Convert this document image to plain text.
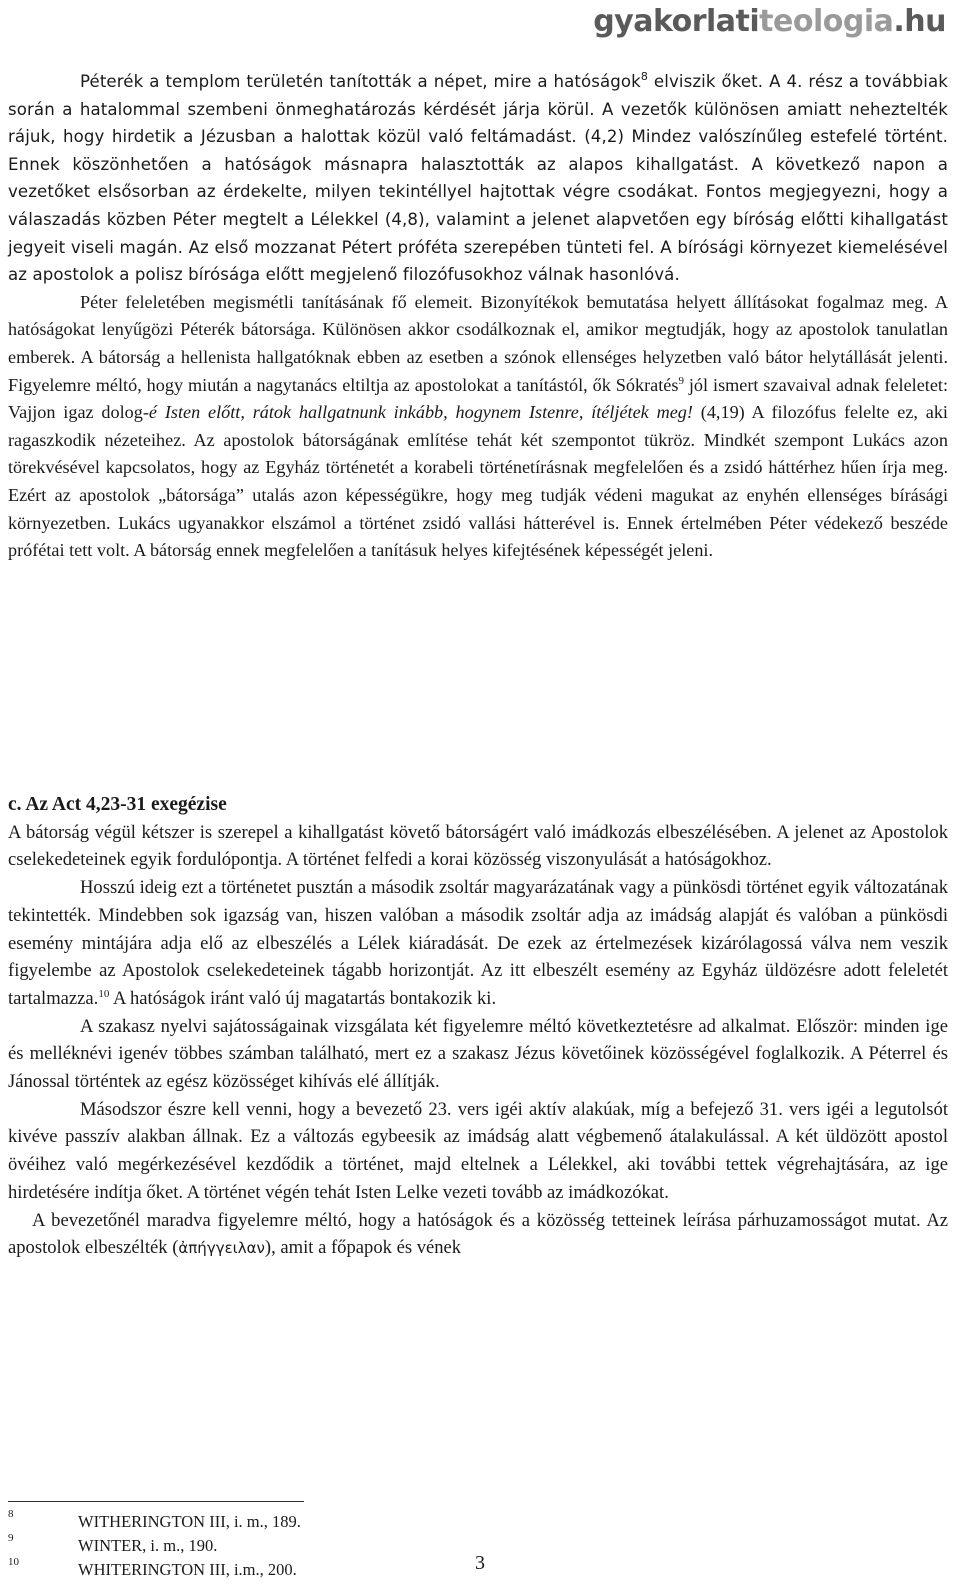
gyakorlatiteologia.hu

Péterék a templom területén tanították a népet, mire a hatóságok$^8$ elviszik őket. A 4. rész a továbbiak során a hatalommal szembeni önmeghatározás kérdését járja körül. A vezetők különösen amiatt neheztelték rájuk, hogy hirdetik a Jézusban a halottak közül való feltámadást. (4,2) Mindez valószínűleg estefelé történt. Ennek köszönhetően a hatóságok másnapra halasztották az alapos kihallgatást. A következő napon a vezetőket elsősorban az érdekelte, milyen tekintéllyel hajtottak végre csodákat. Fontos megjegyezni, hogy a válaszadás közben Péter megtelt a Lélekkel (4,8), valamint a jelenet alapvetően egy bíróság előtti kihallgatást jegyeit viseli magán. Az első mozzanat Pétert próféta szerepében tünteti fel. A bírósági környezet kiemelésével az apostolok a polisz bírósága előtt megjelenő filozófusokhoz válnak hasonlóvá.

Péter feleletében megismétli tanításának fő elemeit. Bizonyítékok bemutatása helyett állításokat fogalmaz meg. A hatóságokat lenyűgözi Péterék bátorsága. Különösen akkor csodálkoznak el, amikor megtudják, hogy az apostolok tanulatlan emberek. A bátorság a hellenista hallgatóknak ebben az esetben a szónok ellenséges helyzetben való bátor helytállását jelenti. Figyelemre méltó, hogy miután a nagytanács eltiltja az apostolokat a tanítástól, ők Sókratés$^9$ jól ismert szavaival adnak feleletet: Vajjon igaz dolog-é Isten előtt, rátok hallgatnunk inkább, hogynem Istenre, ítéljétek meg! (4,19) A filozófus felelte ez, aki ragaszkodik nézeteihez. Az apostolok bátorságának említése tehát két szempontot tükröz. Mindkét szempont Lukács azon törekvésével kapcsolatos, hogy az Egyház történetét a korabeli történetírásnak megfelelően és a zsidó háttérhez hűen írja meg. Ezért az apostolok „bátorsága” utalás azon képességükre, hogy meg tudják védeni magukat az enyhén ellenséges bírásági környezetben. Lukács ugyanakkor elszámol a történet zsidó vallási hátterével is. Ennek értelmében Péter védekező beszéde prófétai tett volt. A bátorság ennek megfelelően a tanításuk helyes kifejtésének képességét jeleni.

c. Az Act 4,23-31 exegézise

A bátorság végül kétszer is szerepel a kihallgatást követő bátorságért való imádkozás elbeszélésében. A jelenet az Apostolok cselekedeteinek egyik fordulópontja. A történet felfedi a korai közösség viszonyulását a hatóságokhoz.

Hosszú ideig ezt a történetet pusztán a második zsoltár magyarázatának vagy a pünkösdi történet egyik változatának tekintették. Mindebben sok igazság van, hiszen valóban a második zsoltár adja az imádság alapját és valóban a pünkösdi esemény mintájára adja elő az elbeszélés a Lélek kiáradását. De ezek az értelmezések kizárólagossá válva nem veszik figyelembe az Apostolok cselekedeteinek tágabb horizontját. Az itt elbeszélt esemény az Egyház üldözésre adott feleletét tartalmazza.$^{10}$ A hatóságok iránt való új magatartás bontakozik ki.

A szakasz nyelvi sajátosságainak vizsgálata két figyelemre méltó következtetésre ad alkalmat. Először: minden ige és melléknévi igenév többes számban található, mert ez a szakasz Jézus követőinek közösségével foglalkozik. A Péterrel és Jánossal történtek az egész közösséget kihívás elé állítják.

Másodszor észre kell venni, hogy a bevezető 23. vers igéi aktív alakúak, míg a befejező 31. vers igéi a legutolsót kivéve passzív alakban állnak. Ez a változás egybeesik az imádság alatt végbemenő átalakulással. A két üldözött apostol övéihez való megérkezésével kezdődik a történet, majd eltelnek a Lélekkel, aki további tettek végrehajtására, az ige hirdetésére indítja őket. A történet végén tehát Isten Lelke vezeti tovább az imádkozókat.

A bevezetőnél maradva figyelemre méltó, hogy a hatóságok és a közösség tetteinek leírása párhuzamosságot mutat. Az apostolok elbeszélték (ἀπήγγειλαν), amit a főpapok és vének

8	WITHERINGTON III, i. m., 189.
9	WINTER, i. m., 190.
10	WHITERINGTON III, i.m., 200.	3
